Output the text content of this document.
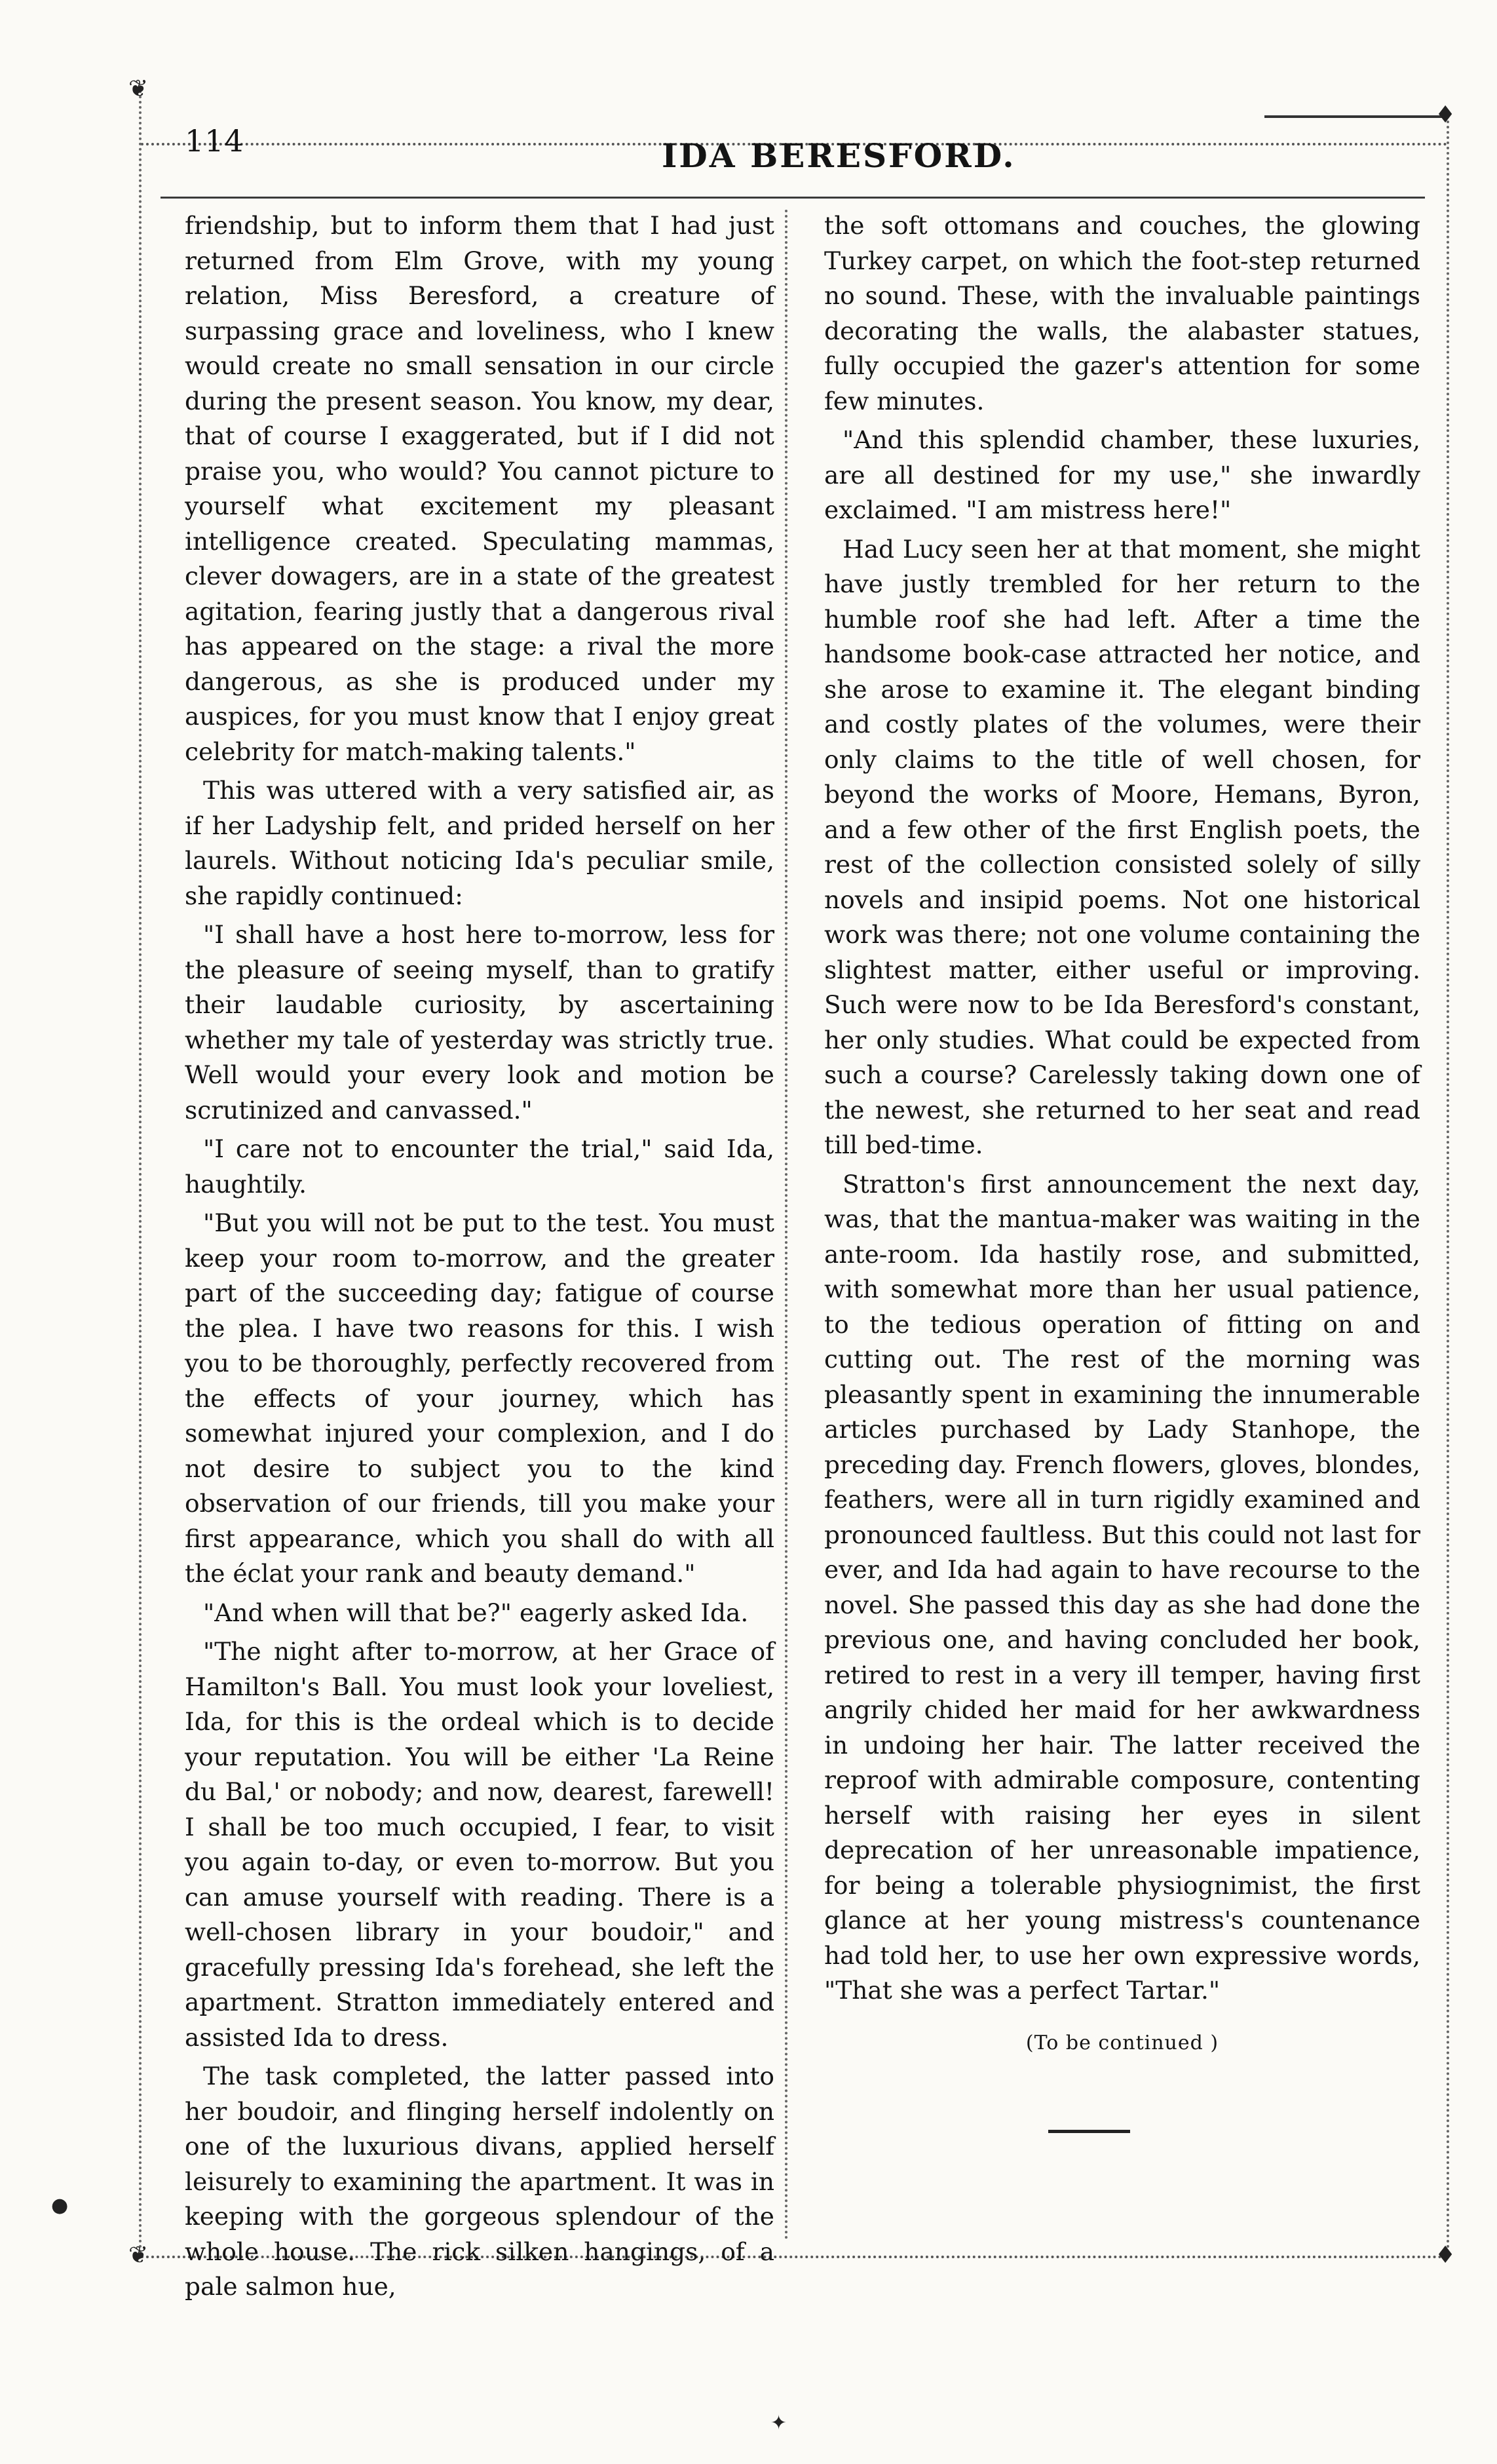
❦
♦
❦	♦
114	IDA BERESFORD.

friendship, but to inform them that I had just returned from Elm Grove, with my young relation, Miss Beresford, a creature of surpassing grace and loveliness, who I knew would create no small sensation in our circle during the present season. You know, my dear, that of course I exaggerated, but if I did not praise you, who would? You cannot picture to yourself what excitement my pleasant intelligence created. Speculating mammas, clever dowagers, are in a state of the greatest agitation, fearing justly that a dangerous rival has appeared on the stage: a rival the more dangerous, as she is produced under my auspices, for you must know that I enjoy great celebrity for match-making talents."

This was uttered with a very satisfied air, as if her Ladyship felt, and prided herself on her laurels. Without noticing Ida's peculiar smile, she rapidly continued:

"I shall have a host here to-morrow, less for the pleasure of seeing myself, than to gratify their laudable curiosity, by ascertaining whether my tale of yesterday was strictly true. Well would your every look and motion be scrutinized and canvassed."

"I care not to encounter the trial," said Ida, haughtily.

"But you will not be put to the test. You must keep your room to-morrow, and the greater part of the succeeding day; fatigue of course the plea. I have two reasons for this. I wish you to be thoroughly, perfectly recovered from the effects of your journey, which has somewhat injured your complexion, and I do not desire to subject you to the kind observation of our friends, till you make your first appearance, which you shall do with all the éclat your rank and beauty demand."

"And when will that be?" eagerly asked Ida.

"The night after to-morrow, at her Grace of Hamilton's Ball. You must look your loveliest, Ida, for this is the ordeal which is to decide your reputation. You will be either 'La Reine du Bal,' or nobody; and now, dearest, farewell! I shall be too much occupied, I fear, to visit you again to-day, or even to-morrow. But you can amuse yourself with reading. There is a well-chosen library in your boudoir," and gracefully pressing Ida's forehead, she left the apartment. Stratton immediately entered and assisted Ida to dress.

The task completed, the latter passed into her boudoir, and flinging herself indolently on one of the luxurious divans, applied herself leisurely to examining the apartment. It was in keeping with the gorgeous splendour of the whole house. The rick silken hangings, of a pale salmon hue,

the soft ottomans and couches, the glowing Turkey carpet, on which the foot-step returned no sound. These, with the invaluable paintings decorating the walls, the alabaster statues, fully occupied the gazer's attention for some few minutes.

"And this splendid chamber, these luxuries, are all destined for my use," she inwardly exclaimed. "I am mistress here!"

Had Lucy seen her at that moment, she might have justly trembled for her return to the humble roof she had left. After a time the handsome book-case attracted her notice, and she arose to examine it. The elegant binding and costly plates of the volumes, were their only claims to the title of well chosen, for beyond the works of Moore, Hemans, Byron, and a few other of the first English poets, the rest of the collection consisted solely of silly novels and insipid poems. Not one historical work was there; not one volume containing the slightest matter, either useful or improving. Such were now to be Ida Beresford's constant, her only studies. What could be expected from such a course? Carelessly taking down one of the newest, she returned to her seat and read till bed-time.

Stratton's first announcement the next day, was, that the mantua-maker was waiting in the ante-room. Ida hastily rose, and submitted, with somewhat more than her usual patience, to the tedious operation of fitting on and cutting out. The rest of the morning was pleasantly spent in examining the innumerable articles purchased by Lady Stanhope, the preceding day. French flowers, gloves, blondes, feathers, were all in turn rigidly examined and pronounced faultless. But this could not last for ever, and Ida had again to have recourse to the novel. She passed this day as she had done the previous one, and having concluded her book, retired to rest in a very ill temper, having first angrily chided her maid for her awkwardness in undoing her hair. The latter received the reproof with admirable composure, contenting herself with raising her eyes in silent deprecation of her unreasonable impatience, for being a tolerable physiognimist, the first glance at her young mistress's countenance had told her, to use her own expressive words, "That she was a perfect Tartar."

(To be continued )
●
✦
